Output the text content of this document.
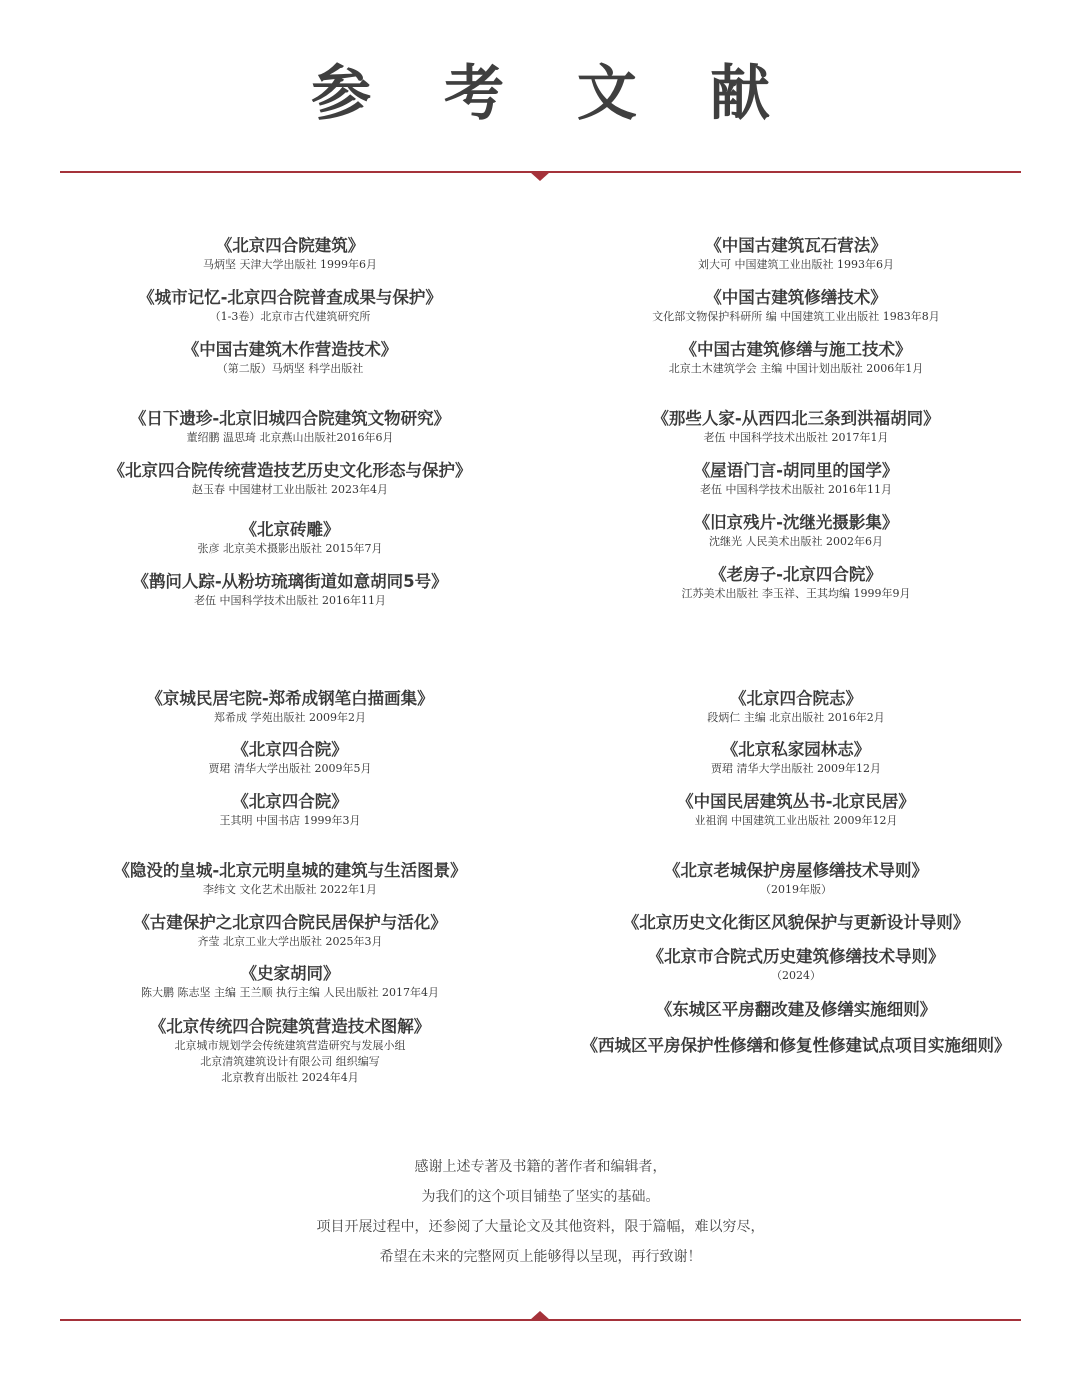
参 考 文 献
《北京四合院建筑》
马炳坚 天津大学出版社 1999年6月
《城市记忆-北京四合院普查成果与保护》
（1-3卷）北京市古代建筑研究所
《中国古建筑木作营造技术》
（第二版）马炳坚 科学出版社
《日下遗珍-北京旧城四合院建筑文物研究》
董绍鹏 温思琦 北京燕山出版社2016年6月
《北京四合院传统营造技艺历史文化形态与保护》
赵玉春 中国建材工业出版社 2023年4月
《北京砖雕》
张彦 北京美术摄影出版社 2015年7月
《鹊问人踪-从粉坊琉璃街道如意胡同5号》
老伍 中国科学技术出版社 2016年11月
《京城民居宅院-郑希成钢笔白描画集》
郑希成 学苑出版社 2009年2月
《北京四合院》
贾珺 清华大学出版社 2009年5月
《北京四合院》
王其明 中国书店 1999年3月
《隐没的皇城-北京元明皇城的建筑与生活图景》
李纬文 文化艺术出版社 2022年1月
《古建保护之北京四合院民居保护与活化》
齐莹 北京工业大学出版社 2025年3月
《史家胡同》
陈大鹏 陈志坚 主编 王兰顺 执行主编 人民出版社 2017年4月
《北京传统四合院建筑营造技术图解》
北京城市规划学会传统建筑营造研究与发展小组
北京清筑建筑设计有限公司 组织编写
北京教育出版社 2024年4月
《中国古建筑瓦石营法》
刘大可 中国建筑工业出版社 1993年6月
《中国古建筑修缮技术》
文化部文物保护科研所 编 中国建筑工业出版社 1983年8月
《中国古建筑修缮与施工技术》
北京土木建筑学会 主编 中国计划出版社 2006年1月
《那些人家-从西四北三条到洪福胡同》
老伍 中国科学技术出版社 2017年1月
《屋语门言-胡同里的国学》
老伍 中国科学技术出版社 2016年11月
《旧京残片-沈继光摄影集》
沈继光 人民美术出版社 2002年6月
《老房子-北京四合院》
江苏美术出版社 李玉祥、王其均编 1999年9月
《北京四合院志》
段炳仁 主编 北京出版社 2016年2月
《北京私家园林志》
贾珺 清华大学出版社 2009年12月
《中国民居建筑丛书-北京民居》
业祖润 中国建筑工业出版社 2009年12月
《北京老城保护房屋修缮技术导则》
（2019年版）
《北京历史文化街区风貌保护与更新设计导则》
《北京市合院式历史建筑修缮技术导则》
（2024）
《东城区平房翻改建及修缮实施细则》
《西城区平房保护性修缮和修复性修建试点项目实施细则》
感谢上述专著及书籍的著作者和编辑者，
为我们的这个项目铺垫了坚实的基础。
项目开展过程中，还参阅了大量论文及其他资料，限于篇幅，难以穷尽，
希望在未来的完整网页上能够得以呈现，再行致谢！
